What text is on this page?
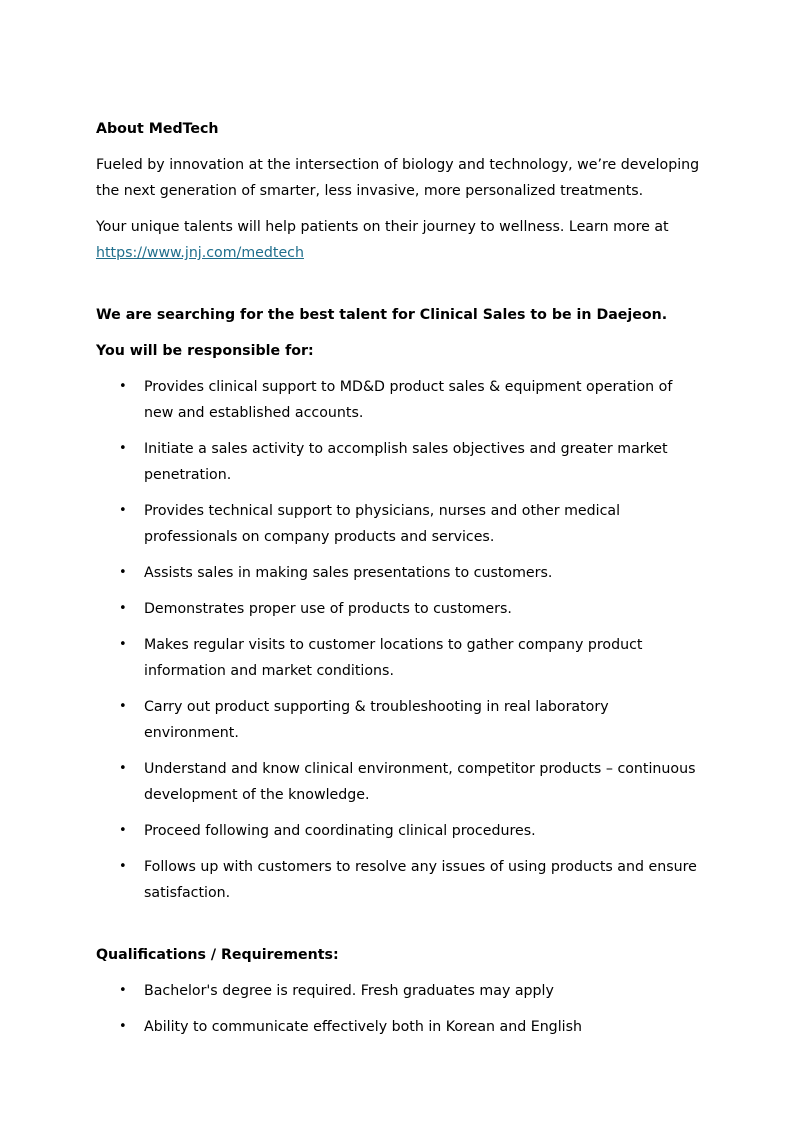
About MedTech

Fueled by innovation at the intersection of biology and technology, we’re developing the next generation of smarter, less invasive, more personalized treatments.

Your unique talents will help patients on their journey to wellness. Learn more at https://www.jnj.com/medtech

We are searching for the best talent for Clinical Sales to be in Daejeon.

You will be responsible for:

• Provides clinical support to MD&D product sales & equipment operation of new and established accounts.
• Initiate a sales activity to accomplish sales objectives and greater market penetration.
• Provides technical support to physicians, nurses and other medical professionals on company products and services.
• Assists sales in making sales presentations to customers.
• Demonstrates proper use of products to customers.
• Makes regular visits to customer locations to gather company product information and market conditions.
• Carry out product supporting & troubleshooting in real laboratory environment.
• Understand and know clinical environment, competitor products – continuous development of the knowledge.
• Proceed following and coordinating clinical procedures.
• Follows up with customers to resolve any issues of using products and ensure satisfaction.

Qualifications / Requirements:

• Bachelor's degree is required. Fresh graduates may apply
• Ability to communicate effectively both in Korean and English
